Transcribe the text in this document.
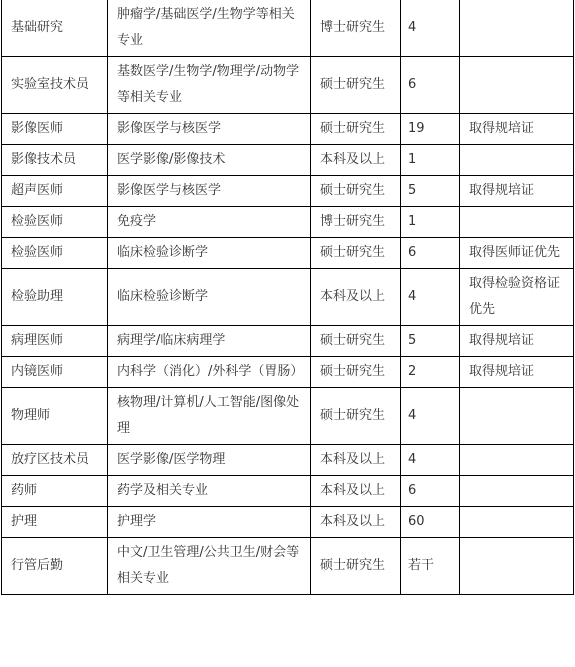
基础研究	肿瘤学/基础医学/生物学等相关专业	博士研究生	4	
实验室技术员	基数医学/生物学/物理学/动物学等相关专业	硕士研究生	6	
影像医师	影像医学与核医学	硕士研究生	19	取得规培证
影像技术员	医学影像/影像技术	本科及以上	1	
超声医师	影像医学与核医学	硕士研究生	5	取得规培证
检验医师	免疫学	博士研究生	1	
检验医师	临床检验诊断学	硕士研究生	6	取得医师证优先
检验助理	临床检验诊断学	本科及以上	4	取得检验资格证优先
病理医师	病理学/临床病理学	硕士研究生	5	取得规培证
内镜医师	内科学（消化）/外科学（胃肠）	硕士研究生	2	取得规培证
物理师	核物理/计算机/人工智能/图像处理	硕士研究生	4	
放疗区技术员	医学影像/医学物理	本科及以上	4	
药师	药学及相关专业	本科及以上	6	
护理	护理学	本科及以上	60	
行管后勤	中文/卫生管理/公共卫生/财会等相关专业	硕士研究生	若干	
